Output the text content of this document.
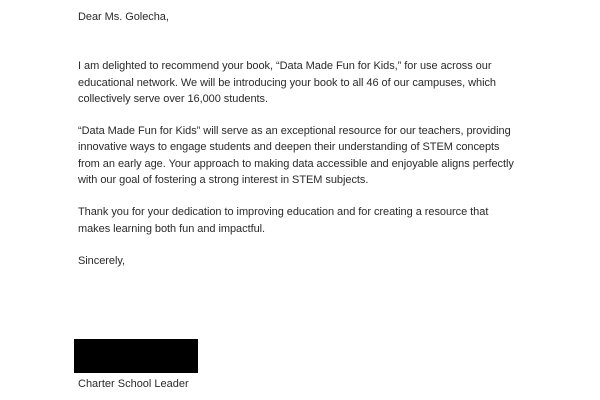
Dear Ms. Golecha,

I am delighted to recommend your book, “Data Made Fun for Kids,” for use across our
educational network. We will be introducing your book to all 46 of our campuses, which
collectively serve over 16,000 students.

“Data Made Fun for Kids” will serve as an exceptional resource for our teachers, providing
innovative ways to engage students and deepen their understanding of STEM concepts
from an early age. Your approach to making data accessible and enjoyable aligns perfectly
with our goal of fostering a strong interest in STEM subjects.

Thank you for your dedication to improving education and for creating a resource that
makes learning both fun and impactful.

Sincerely,

Charter School Leader
